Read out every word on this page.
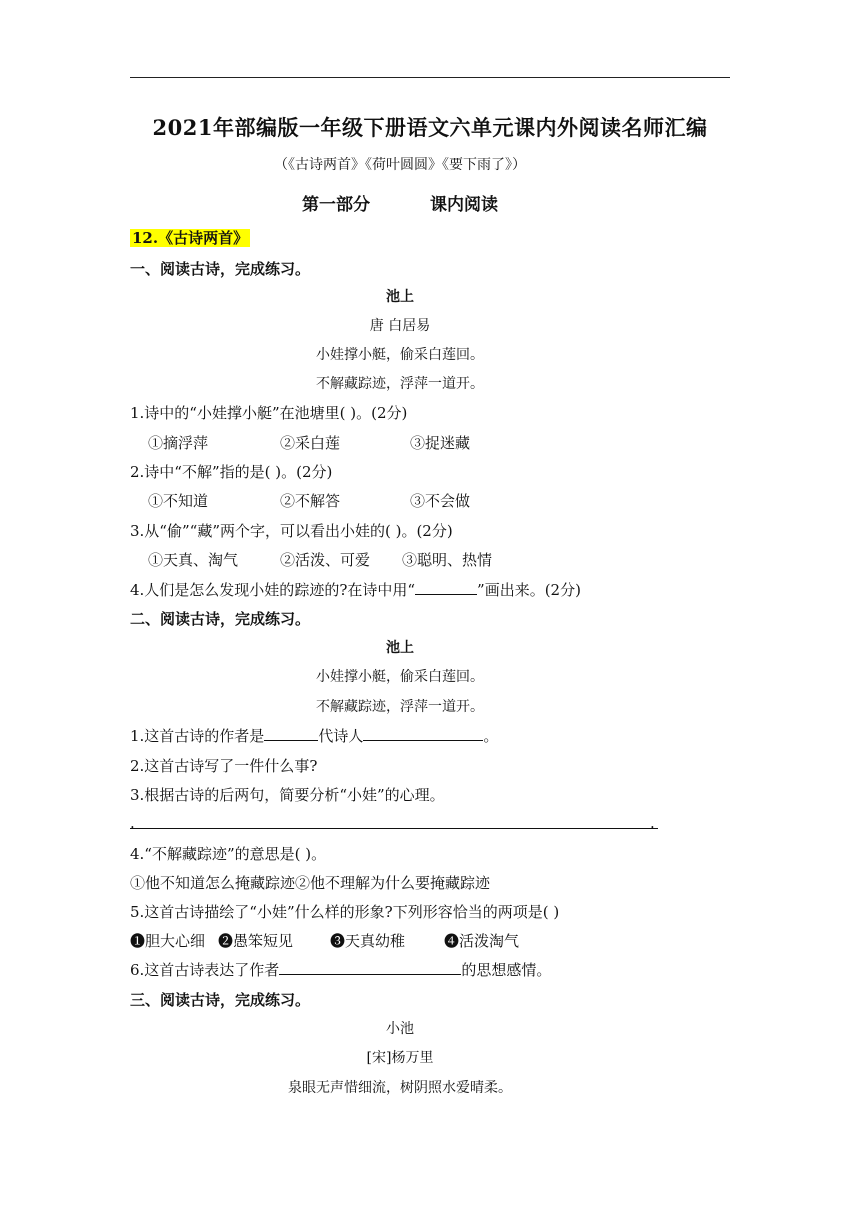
2021年部编版一年级下册语文六单元课内外阅读名师汇编
（《古诗两首》《荷叶圆圆》《要下雨了》）
第一部分	课内阅读
12.《古诗两首》
一、阅读古诗，完成练习。
池上
唐 白居易
小娃撑小艇，偷采白莲回。
不解藏踪迹，浮萍一道开。
1.诗中的“小娃撑小艇”在池塘里( )。(2分)
①摘浮萍	②采白莲	③捉迷藏
2.诗中“不解”指的是( )。(2分)
①不知道	②不解答	③不会做
3.从“偷”“藏”两个字，可以看出小娃的( )。(2分)
①天真、淘气	②活泼、可爱 ③聪明、热情
4.人们是怎么发现小娃的踪迹的?在诗中用“	”画出来。(2分)
二、阅读古诗，完成练习。
池上
小娃撑小艇，偷采白莲回。
不解藏踪迹，浮萍一道开。
1.这首古诗的作者是	代诗人	。
2.这首古诗写了一件什么事?
3.根据古诗的后两句，简要分析“小娃”的心理。
.	.
4.“不解藏踪迹”的意思是( )。
①他不知道怎么掩藏踪迹②他不理解为什么要掩藏踪迹
5.这首古诗描绘了“小娃”什么样的形象?下列形容恰当的两项是( )
❶胆大心细 ❷愚笨短见 ❸天真幼稚	❹活泼淘气
6.这首古诗表达了作者	的思想感情。
三、阅读古诗，完成练习。
小池
[宋]杨万里
泉眼无声惜细流，树阴照水爱晴柔。
